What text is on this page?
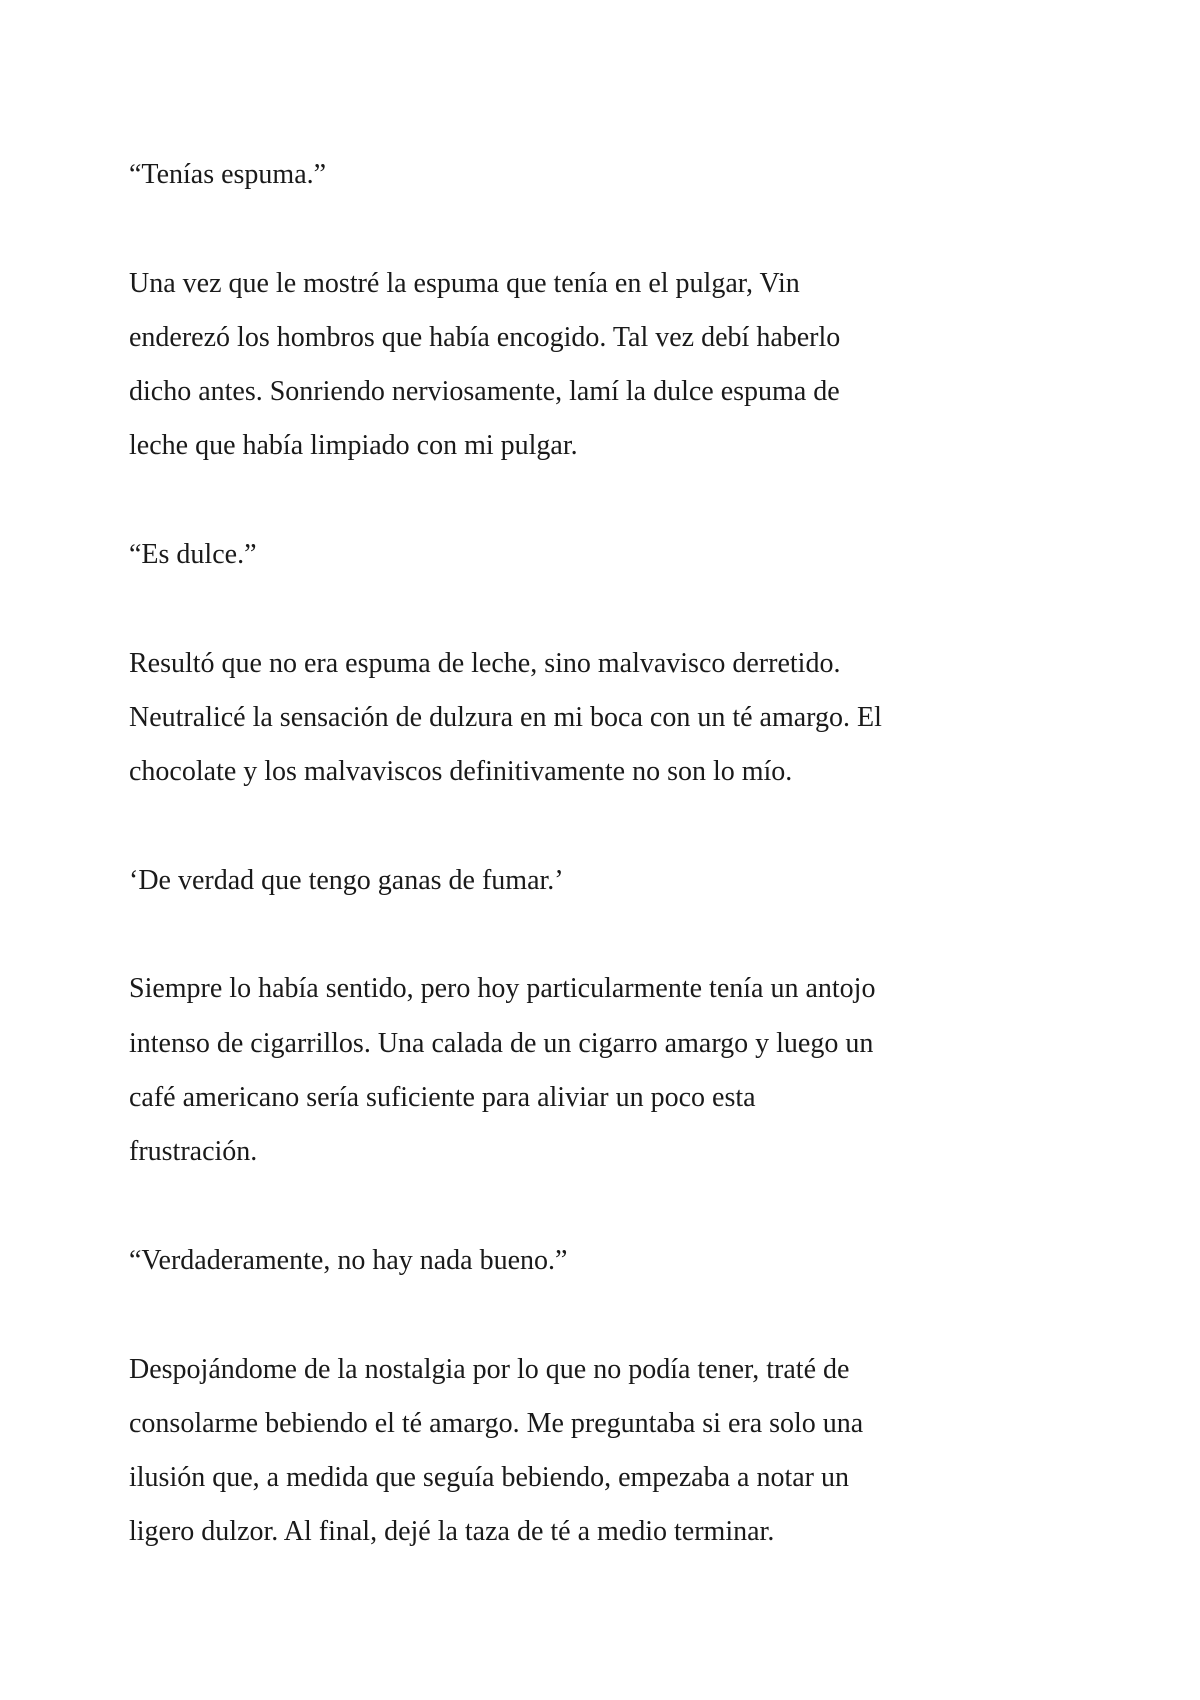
“Tenías espuma.”

Una vez que le mostré la espuma que tenía en el pulgar, Vin
enderezó los hombros que había encogido. Tal vez debí haberlo
dicho antes. Sonriendo nerviosamente, lamí la dulce espuma de
leche que había limpiado con mi pulgar.

“Es dulce.”

Resultó que no era espuma de leche, sino malvavisco derretido.
Neutralicé la sensación de dulzura en mi boca con un té amargo. El
chocolate y los malvaviscos definitivamente no son lo mío.

‘De verdad que tengo ganas de fumar.’

Siempre lo había sentido, pero hoy particularmente tenía un antojo
intenso de cigarrillos. Una calada de un cigarro amargo y luego un
café americano sería suficiente para aliviar un poco esta
frustración.

“Verdaderamente, no hay nada bueno.”

Despojándome de la nostalgia por lo que no podía tener, traté de
consolarme bebiendo el té amargo. Me preguntaba si era solo una
ilusión que, a medida que seguía bebiendo, empezaba a notar un
ligero dulzor. Al final, dejé la taza de té a medio terminar.
